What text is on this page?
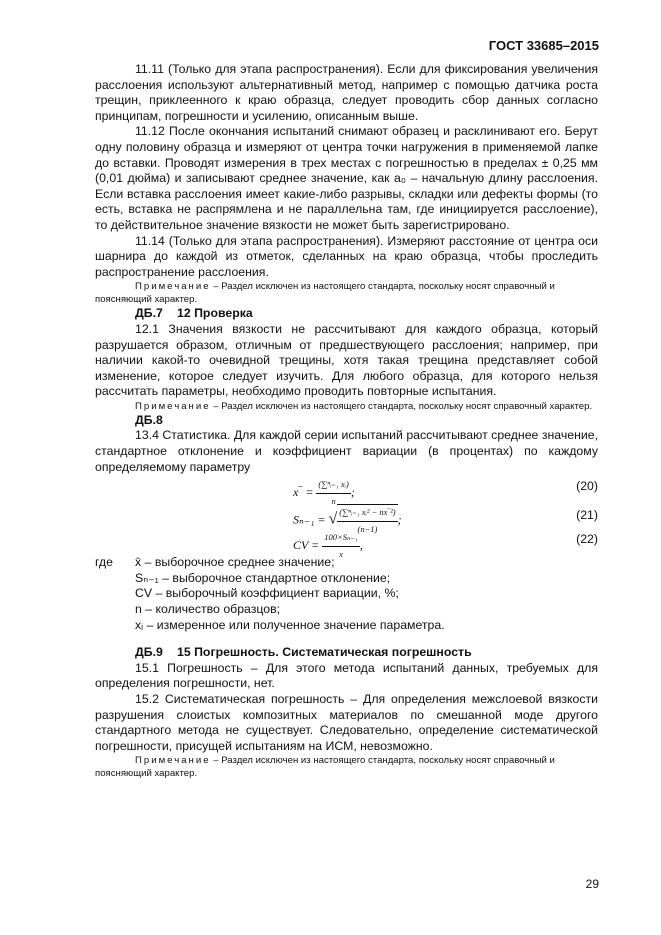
ГОСТ 33685–2015

11.11 (Только для этапа распространения). Если для фиксирования увеличения расслоения используют альтернативный метод, например с помощью датчика роста трещин, приклеенного к краю образца, следует проводить сбор данных согласно принципам, погрешности и усилению, описанным выше.

11.12 После окончания испытаний снимают образец и расклинивают его. Берут одну половину образца и измеряют от центра точки нагружения в применяемой лапке до вставки. Проводят измерения в трех местах с погрешностью в пределах ± 0,25 мм (0,01 дюйма) и записывают среднее значение, как а₀ – начальную длину расслоения. Если вставка расслоения имеет какие-либо разрывы, складки или дефекты формы (то есть, вставка не распрямлена и не параллельна там, где инициируется расслоение), то действительное значение вязкости не может быть зарегистрировано.

11.14 (Только для этапа распространения). Измеряют расстояние от центра оси шарнира до каждой из отметок, сделанных на краю образца, чтобы проследить распространение расслоения.

Примечание – Раздел исключен из настоящего стандарта, поскольку носят справочный и поясняющий характер.

ДБ.7 12 Проверка

12.1 Значения вязкости не рассчитывают для каждого образца, который разрушается образом, отличным от предшествующего расслоения; например, при наличии какой-то очевидной трещины, хотя такая трещина представляет собой изменение, которое следует изучить. Для любого образца, для которого нельзя рассчитать параметры, необходимо проводить повторные испытания.

Примечание – Раздел исключен из настоящего стандарта, поскольку носят справочный характер.

ДБ.8

13.4 Статистика. Для каждой серии испытаний рассчитывают среднее значение, стандартное отклонение и коэффициент вариации (в процентах) по каждому определяемому параметру

x‾ = $\frac{\text{(∑ⁿᵢ₌₁ xᵢ)}}{n}$ ;	(20)
Sₙ₋₁ = √ $\frac{\text{(∑ⁿᵢ₌₁ xᵢ² − nx‾²)}}{(n-1)}$ ;	(21)
CV = $\frac{\text{100×Sₙ₋₁}}{x}$ ,	(22)

где x̄ – выборочное среднее значение;

Sₙ₋₁ – выборочное стандартное отклонение;

CV – выборочный коэффициент вариации, %;

n – количество образцов;

xᵢ – измеренное или полученное значение параметра.

ДБ.9 15 Погрешность. Систематическая погрешность

15.1 Погрешность – Для этого метода испытаний данных, требуемых для определения погрешности, нет.

15.2 Систематическая погрешность – Для определения межслоевой вязкости разрушения слоистых композитных материалов по смешанной моде другого стандартного метода не существует. Следовательно, определение систематической погрешности, присущей испытаниям на ИСМ, невозможно.

Примечание – Раздел исключен из настоящего стандарта, поскольку носят справочный и поясняющий характер.

29
